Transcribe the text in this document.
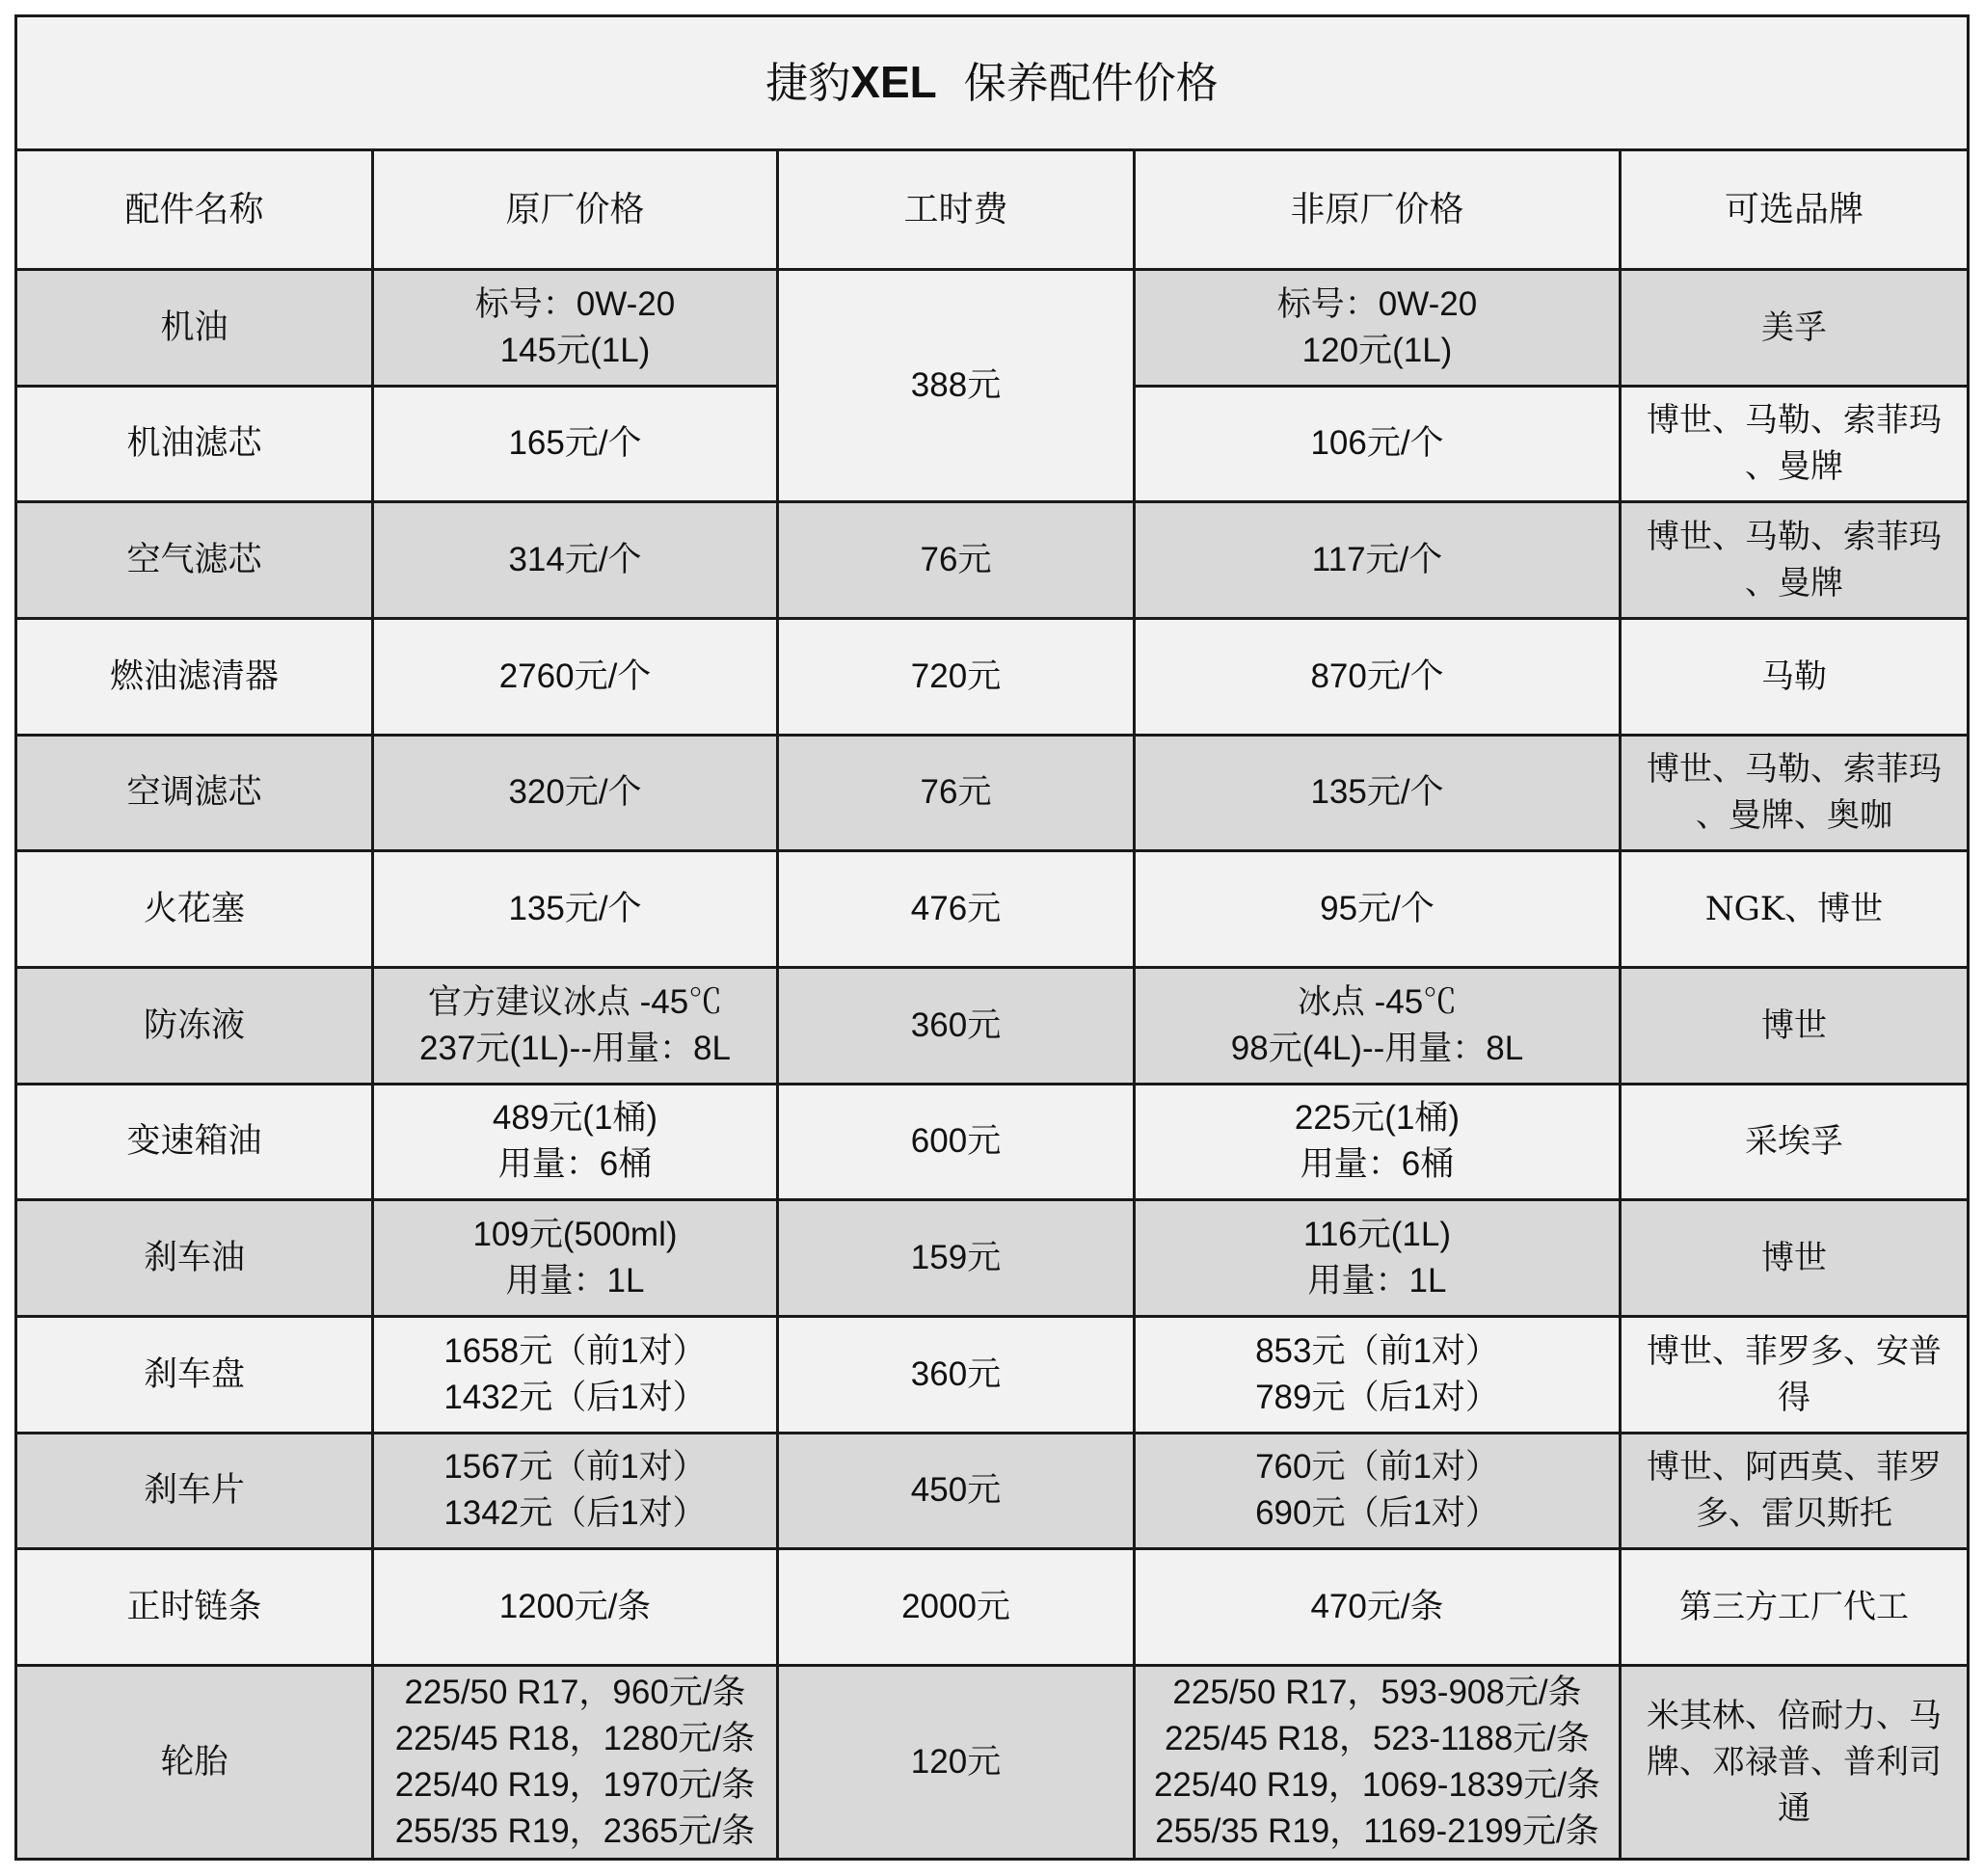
捷豹XEL 保养配件价格				
配件名称	原厂价格	工时费	非原厂价格	可选品牌
机油	标号：0W-20
145元(1L)	388元	标号：0W-20
120元(1L)	美孚

机油滤芯	165元/个		106元/个	博世、马勒、索菲玛
、曼牌

空气滤芯	314元/个	76元	117元/个	博世、马勒、索菲玛
、曼牌

燃油滤清器	2760元/个	720元	870元/个	马勒

空调滤芯	320元/个	76元	135元/个	博世、马勒、索菲玛
、曼牌、奥咖

火花塞	135元/个	476元	95元/个	NGK、博世

防冻液	官方建议冰点 -45℃
237元(1L)--用量：8L	360元	冰点 -45℃
98元(4L)--用量：8L	博世

变速箱油	489元(1桶)
用量：6桶	600元	225元(1桶)
用量：6桶	采埃孚

刹车油	109元(500ml)
用量：1L	159元	116元(1L)
用量：1L	博世

刹车盘	1658元（前1对）
1432元（后1对）	360元	853元（前1对）
789元（后1对）	博世、菲罗多、安普
得

刹车片	1567元（前1对）
1342元（后1对）	450元	760元（前1对）
690元（后1对）	博世、阿西莫、菲罗
多、雷贝斯托

正时链条	1200元/条	2000元	470元/条	第三方工厂代工

轮胎	225/50 R17，960元/条
225/45 R18，1280元/条
225/40 R19，1970元/条
255/35 R19，2365元/条	120元	225/50 R17，593-908元/条
225/45 R18，523-1188元/条
225/40 R19，1069-1839元/条
255/35 R19，1169-2199元/条	米其林、倍耐力、马
牌、邓禄普、普利司
通
